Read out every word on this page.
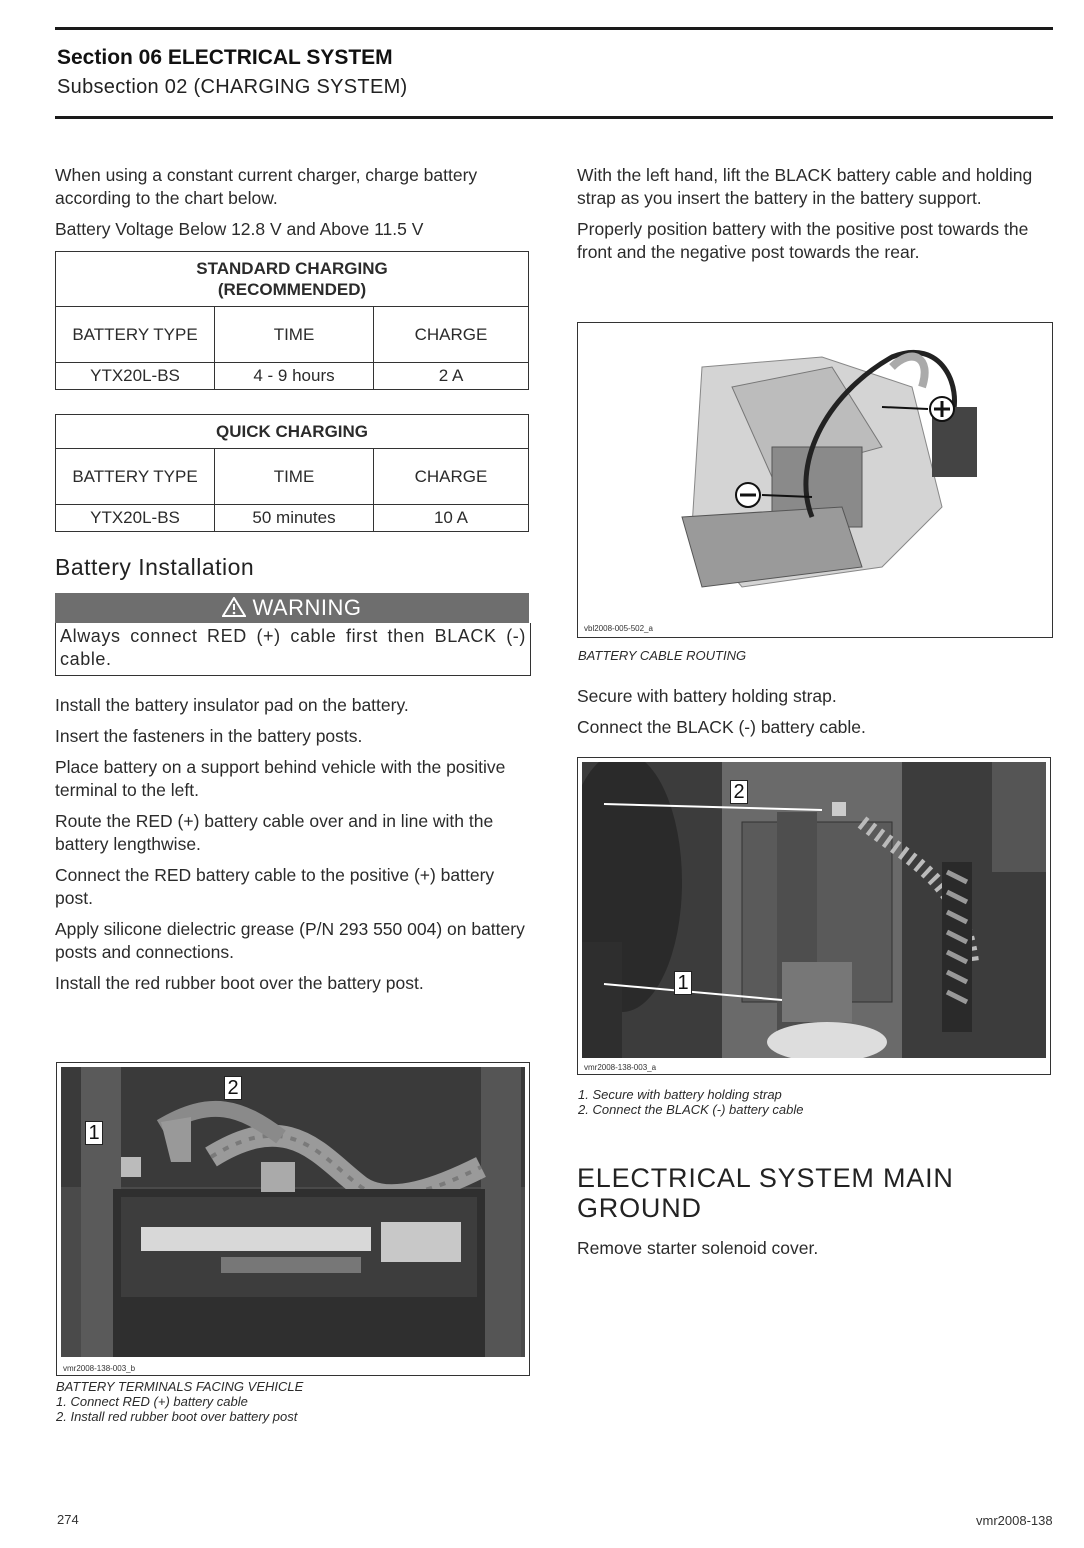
Section 06 ELECTRICAL SYSTEM
Subsection 02 (CHARGING SYSTEM)

When using a constant current charger, charge battery according to the chart below.

Battery Voltage Below 12.8 V and Above 11.5 V

STANDARD CHARGING
(RECOMMENDED)		
BATTERY TYPE	TIME	CHARGE
YTX20L-BS	4 - 9 hours	2 A
QUICK CHARGING		
BATTERY TYPE	TIME	CHARGE
YTX20L-BS	50 minutes	10 A
Battery Installation
WARNING
Always connect RED (+) cable first then BLACK (-) cable.

Install the battery insulator pad on the battery.

Insert the fasteners in the battery posts.

Place battery on a support behind vehicle with the positive terminal to the left.

Route the RED (+) battery cable over and in line with the battery lengthwise.

Connect the RED battery cable to the positive (+) battery post.

Apply silicone dielectric grease (P/N 293 550 004) on battery posts and connections.

Install the red rubber boot over the battery post.

1
2
vmr2008-138-003_b
BATTERY TERMINALS FACING VEHICLE
1. Connect RED (+) battery cable
2. Install red rubber boot over battery post

With the left hand, lift the BLACK battery cable and holding strap as you insert the battery in the battery support.

Properly position battery with the positive post towards the front and the negative post towards the rear.

vbl2008-005-502_a
BATTERY CABLE ROUTING

Secure with battery holding strap.

Connect the BLACK (-) battery cable.

2
1
vmr2008-138-003_a
1. Secure with battery holding strap
2. Connect the BLACK (-) battery cable
ELECTRICAL SYSTEM MAIN GROUND
Remove starter solenoid cover.
274	vmr2008-138
